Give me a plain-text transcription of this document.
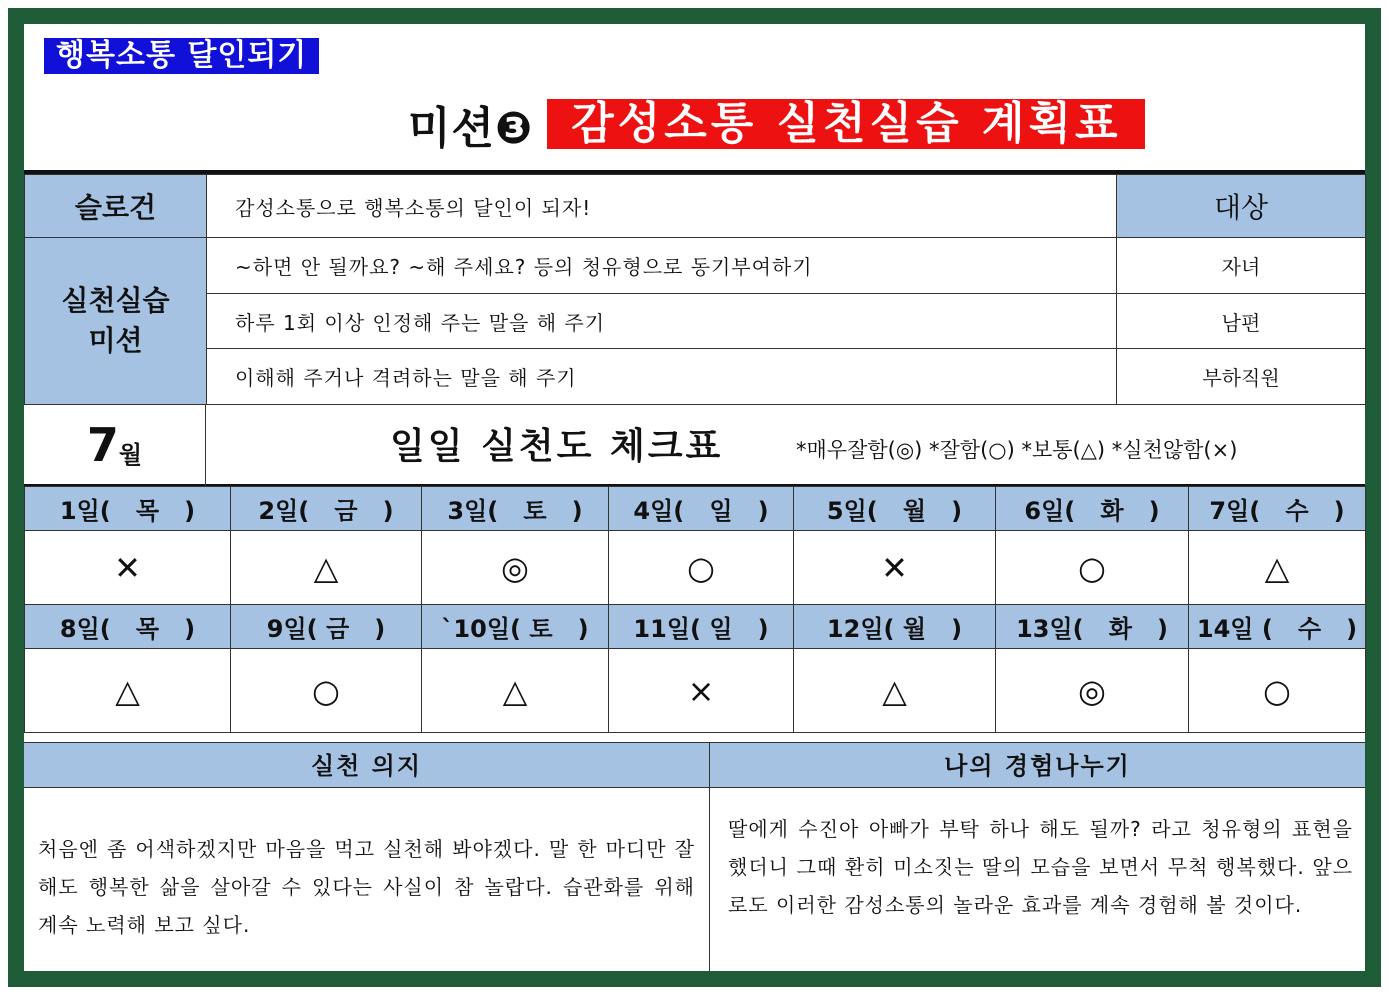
행복소통 달인되기
미션❸ 감성소통 실천실습 계획표
슬로건	감성소통으로 행복소통의 달인이 되자!	대상

실천실습 미션	~하면 안 될까요? ~해 주세요? 등의 청유형으로 동기부여하기	자녀
	하루 1회 이상 인정해 주는 말을 해 주기	남편
	이해해 주거나 격려하는 말을 해 주기	부하직원
7 월	일일 실천도 체크표	*매우잘함(◎) *잘함(○) *보통(△) *실천않함(×)
1일(   목   )	2일(   금   )	3일(   토   )	4일(   일   )	5일(   월   )	6일(   화   )	7일(   수   )
✕	△	◎	○	✕	○	△
8일(   목   )	9일( 금   )	`10일( 토   )	11일( 일   )	12일( 월   )	13일(   화   )	14일 (   수   )
△	○	△	×	△	◎	○
실천 의지
처음엔 좀 어색하겠지만 마음을 먹고 실천해 봐야겠다. 말 한 마디만 잘 해도 행복한 삶을 살아갈 수 있다는 사실이 참 놀랍다. 습관화를 위해 계속 노력해 보고 싶다.
나의 경험나누기
딸에게 수진아 아빠가 부탁 하나 해도 될까? 라고 청유형의 표현을 했더니 그때 환히 미소짓는 딸의 모습을 보면서 무척 행복했다. 앞으로도 이러한 감성소통의 놀라운 효과를 계속 경험해 볼 것이다.
